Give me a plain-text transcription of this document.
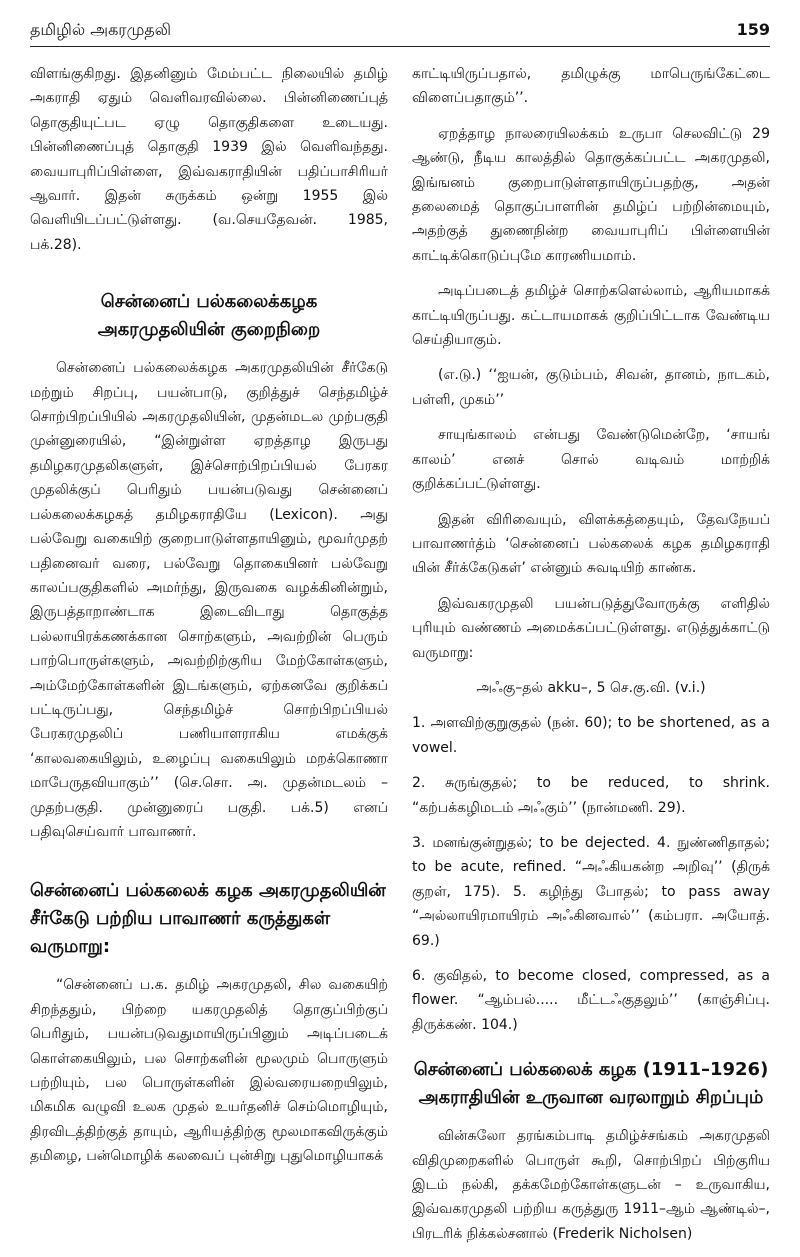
தமிழில் அகரமுதலி	159

விளங்குகிறது. இதனினும் மேம்பட்ட நிலையில் தமிழ் அகராதி ஏதும் வெளிவரவில்லை. பின்னிணைப்புத் தொகுதியுட்பட ஏழு தொகுதிகளை உடையது. பின்னிணைப்புத் தொகுதி 1939 இல் வெளிவந்தது. வையாபுரிப்பிள்ளை, இவ்வகராதியின் பதிப்பாசிரியர் ஆவார். இதன் சுருக்கம் ஒன்று 1955 இல் வெளியிடப்பட்டுள்ளது. (வ.செயதேவன். 1985, பக்.28).

சென்னைப் பல்கலைக்கழக
அகரமுதலியின் குறைநிறை

சென்னைப் பல்கலைக்கழக அகரமுதலியின் சீர்கேடு மற்றும் சிறப்பு, பயன்பாடு, குறித்துச் செந்தமிழ்ச் சொற்பிறப்பியில் அகரமுதலியின், முதன்மடல முற்பகுதி முன்னுரையில், “இன்றுள்ள ஏறத்தாழ இருபது தமிழகரமுதலிகளுள், இச்சொற்பிறப்பியல் பேரகர முதலிக்குப் பெரிதும் பயன்படுவது சென்னைப் பல்கலைக்கழகத் தமிழகராதியே (Lexicon). அது பல்வேறு வகையிற் குறைபாடுள்ளதாயினும், மூவர்முதற் பதினைவர் வரை, பல்வேறு தொகையினர் பல்வேறு காலப்பகுதிகளில் அமர்ந்து, இருவகை வழக்கினின்றும், இருபத்தாறாண்டாக இடைவிடாது தொகுத்த பல்லாயிரக்கணக்கான சொற்களும், அவற்றின் பெரும் பாற்பொருள்களும், அவற்றிற்குரிய மேற்கோள்களும், அம்மேற்கோள்களின் இடங்களும், ஏற்கனவே குறிக்கப் பட்டிருப்பது, செந்தமிழ்ச் சொற்பிறப்பியல் பேரகரமுதலிப் பணியாளராகிய எமக்குக் ‘காலவகையிலும், உழைப்பு வகையிலும் மறக்கொணா மாபேருதவியாகும்’’ (செ.சொ. அ. முதன்மடலம் – முதற்பகுதி. முன்னுரைப் பகுதி. பக்.5) எனப் பதிவுசெய்வார் பாவாணர்.

சென்னைப் பல்கலைக் கழக அகரமுதலியின் சீர்கேடு பற்றிய பாவாணர் கருத்துகள் வருமாறு:

“சென்னைப் ப.க. தமிழ் அகரமுதலி, சில வகையிற் சிறந்ததும், பிற்றை யகரமுதலித் தொகுப்பிற்குப் பெரிதும், பயன்படுவதுமாயிருப்பினும் அடிப்படைக் கொள்கையிலும், பல சொற்களின் மூலமும் பொருளும் பற்றியும், பல பொருள்களின் இல்வரையறையிலும், மிகமிக வழுவி உலக முதல் உயர்தனிச் செம்மொழியும், திரவிடத்திற்குத் தாயும், ஆரியத்திற்கு மூலமாகவிருக்கும் தமிழை, பன்மொழிக் கலவைப் புன்சிறு புதுமொழியாகக்

காட்டியிருப்பதால், தமிழுக்கு மாபெருங்கேட்டை விளைப்பதாகும்’’.

ஏறத்தாழ நாலரையிலக்கம் உருபா செலவிட்டு 29 ஆண்டு, நீடிய காலத்தில் தொகுக்கப்பட்ட அகரமுதலி, இங்ஙனம் குறைபாடுள்ளதாயிருப்பதற்கு, அதன் தலைமைத் தொகுப்பாளரின் தமிழ்ப் பற்றின்மையும், அதற்குத் துணைநின்ற வையாபுரிப் பிள்ளையின் காட்டிக்கொடுப்புமே காரணியமாம்.

அடிப்படைத் தமிழ்ச் சொற்களெல்லாம், ஆரியமாகக் காட்டியிருப்பது. கட்டாயமாகக் குறிப்பிட்டாக வேண்டிய செய்தியாகும்.

(எ.டு.) ‘‘ஐயன், குடும்பம், சிவன், தானம், நாடகம், பள்ளி, முகம்’’

சாயுங்காலம் என்பது வேண்டுமென்றே, ‘சாயங் காலம்’ எனச் சொல் வடிவம் மாற்றிக் குறிக்கப்பட்டுள்ளது.

இதன் விரிவையும், விளக்கத்தையும், தேவநேயப் பாவாணர்த்ம் ‘சென்னைப் பல்கலைக் கழக தமிழகராதி யின் சீர்க்கேடுகள்’ என்னும் சுவடியிற் காண்க.

இவ்வகரமுதலி பயன்படுத்துவோருக்கு எளிதில் புரியும் வண்ணம் அமைக்கப்பட்டுள்ளது. எடுத்துக்காட்டு வருமாறு:

அஃகு–தல் akku–, 5 செ.கு.வி. (v.i.)

1. அளவிற்குறுகுதல் (நன். 60); to be shortened, as a vowel.

2. சுருங்குதல்; to be reduced, to shrink. “கற்பக்கழிமடம் அஃகும்’’ (நான்மணி. 29).

3. மனங்குன்றுதல்; to be dejected. 4. நுண்ணிதாதல்; to be acute, refined. “அஃகியகன்ற அறிவு’’ (திருக் குறள், 175). 5. கழிந்து போதல்; to pass away “அல்லாயிரமாயிரம் அஃகினவால்’’ (கம்பரா. அயோத். 69.)

6. குவிதல், to become closed, compressed, as a flower. “ஆம்பல்..... மீட்டஃகுதலும்’’ (காஞ்சிப்பு. திருக்கண். 104.)

சென்னைப் பல்கலைக் கழக (1911–1926)
அகராதியின் உருவான வரலாறும் சிறப்பும்

வின்சுலோ தரங்கம்பாடி தமிழ்ச்சங்கம் அகரமுதலி விதிமுறைகளில் பொருள் கூறி, சொற்பிறப் பிற்குரிய இடம் நல்கி, தக்கமேற்கோள்களுடன் – உருவாகிய, இவ்வகரமுதலி பற்றிய கருத்துரு 1911–ஆம் ஆண்டில்–, பிரடரிக் நிக்கல்சனால் (Frederik Nicholsen)
